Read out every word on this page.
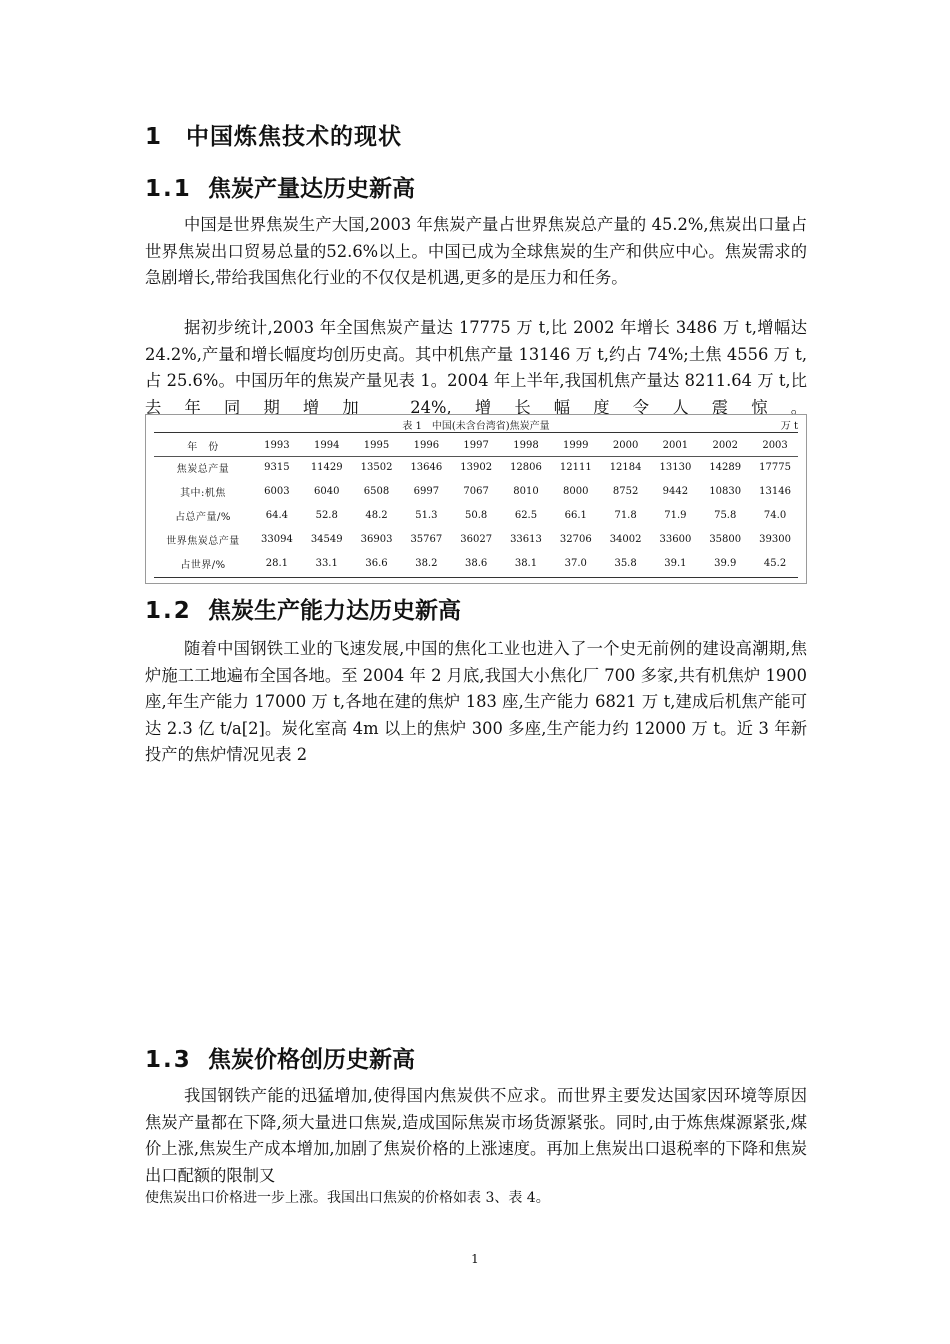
1　中国炼焦技术的现状
1.1 焦炭产量达历史新高

中国是世界焦炭生产大国,2003 年焦炭产量占世界焦炭总产量的 45.2%,焦炭出口量占世界焦炭出口贸易总量的52.6%以上。中国已成为全球焦炭的生产和供应中心。焦炭需求的急剧增长,带给我国焦化行业的不仅仅是机遇,更多的是压力和任务。

据初步统计,2003 年全国焦炭产量达 17775 万 t,比 2002 年增长 3486 万 t,增幅达 24.2%,产量和增长幅度均创历史高。其中机焦产量 13146 万 t,约占 74%;土焦 4556 万 t,占 25.6%。中国历年的焦炭产量见表 1。2004 年上半年,我国机焦产量达 8211.64 万 t,比去年同期增加 24%,增长幅度令人震惊。

表 1　中国(未含台湾省)焦炭产量	万 t
年　份	1993	1994	1995	1996	1997	1998	1999	2000	2001	2002	2003
焦炭总产量	9315	11429	13502	13646	13902	12806	12111	12184	13130	14289	17775
其中:机焦	6003	6040	6508	6997	7067	8010	8000	8752	9442	10830	13146
占总产量/%	64.4	52.8	48.2	51.3	50.8	62.5	66.1	71.8	71.9	75.8	74.0
世界焦炭总产量	33094	34549	36903	35767	36027	33613	32706	34002	33600	35800	39300
占世界/%	28.1	33.1	36.6	38.2	38.6	38.1	37.0	35.8	39.1	39.9	45.2
1.2 焦炭生产能力达历史新高

随着中国钢铁工业的飞速发展,中国的焦化工业也进入了一个史无前例的建设高潮期,焦炉施工工地遍布全国各地。至 2004 年 2 月底,我国大小焦化厂 700 多家,共有机焦炉 1900 座,年生产能力 17000 万 t,各地在建的焦炉 183 座,生产能力 6821 万 t,建成后机焦产能可达 2.3 亿 t/a[2]。炭化室高 4m 以上的焦炉 300 多座,生产能力约 12000 万 t。近 3 年新投产的焦炉情况见表 2

1.3 焦炭价格创历史新高

我国钢铁产能的迅猛增加,使得国内焦炭供不应求。而世界主要发达国家因环境等原因焦炭产量都在下降,须大量进口焦炭,造成国际焦炭市场货源紧张。同时,由于炼焦煤源紧张,煤价上涨,焦炭生产成本增加,加剧了焦炭价格的上涨速度。再加上焦炭出口退税率的下降和焦炭出口配额的限制又

使焦炭出口价格进一步上涨。我国出口焦炭的价格如表 3、表 4。

1
